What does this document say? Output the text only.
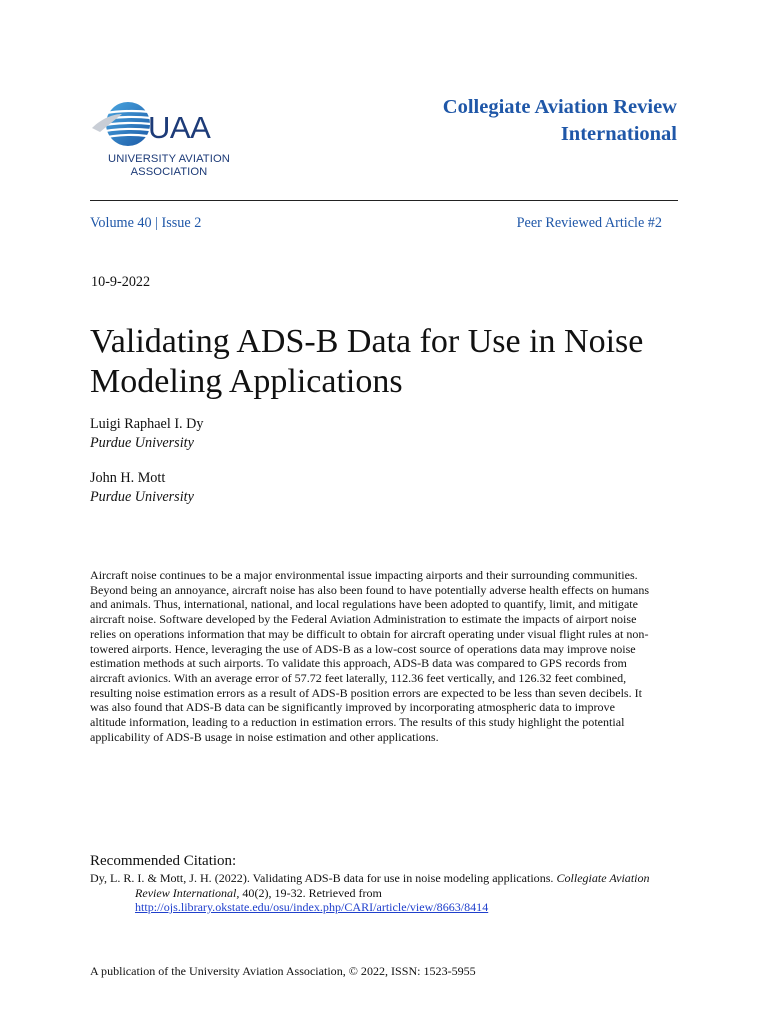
UAA
UNIVERSITY AVIATION
ASSOCIATION
Collegiate Aviation Review
International
Volume 40 | Issue 2	Peer Reviewed Article #2
10-9-2022
Validating ADS-B Data for Use in Noise
Modeling Applications
Luigi Raphael I. Dy
Purdue University
John H. Mott
Purdue University
Aircraft noise continues to be a major environmental issue impacting airports and their surrounding communities.
Beyond being an annoyance, aircraft noise has also been found to have potentially adverse health effects on humans
and animals. Thus, international, national, and local regulations have been adopted to quantify, limit, and mitigate
aircraft noise. Software developed by the Federal Aviation Administration to estimate the impacts of airport noise
relies on operations information that may be difficult to obtain for aircraft operating under visual flight rules at non-
towered airports. Hence, leveraging the use of ADS-B as a low-cost source of operations data may improve noise
estimation methods at such airports. To validate this approach, ADS-B data was compared to GPS records from
aircraft avionics. With an average error of 57.72 feet laterally, 112.36 feet vertically, and 126.32 feet combined,
resulting noise estimation errors as a result of ADS-B position errors are expected to be less than seven decibels. It
was also found that ADS-B data can be significantly improved by incorporating atmospheric data to improve
altitude information, leading to a reduction in estimation errors. The results of this study highlight the potential
applicability of ADS-B usage in noise estimation and other applications.
Recommended Citation:
Dy, L. R. I. & Mott, J. H. (2022). Validating ADS-B data for use in noise modeling applications. Collegiate Aviation
Review International, 40(2), 19-32. Retrieved from
http://ojs.library.okstate.edu/osu/index.php/CARI/article/view/8663/8414
A publication of the University Aviation Association, © 2022, ISSN: 1523-5955
